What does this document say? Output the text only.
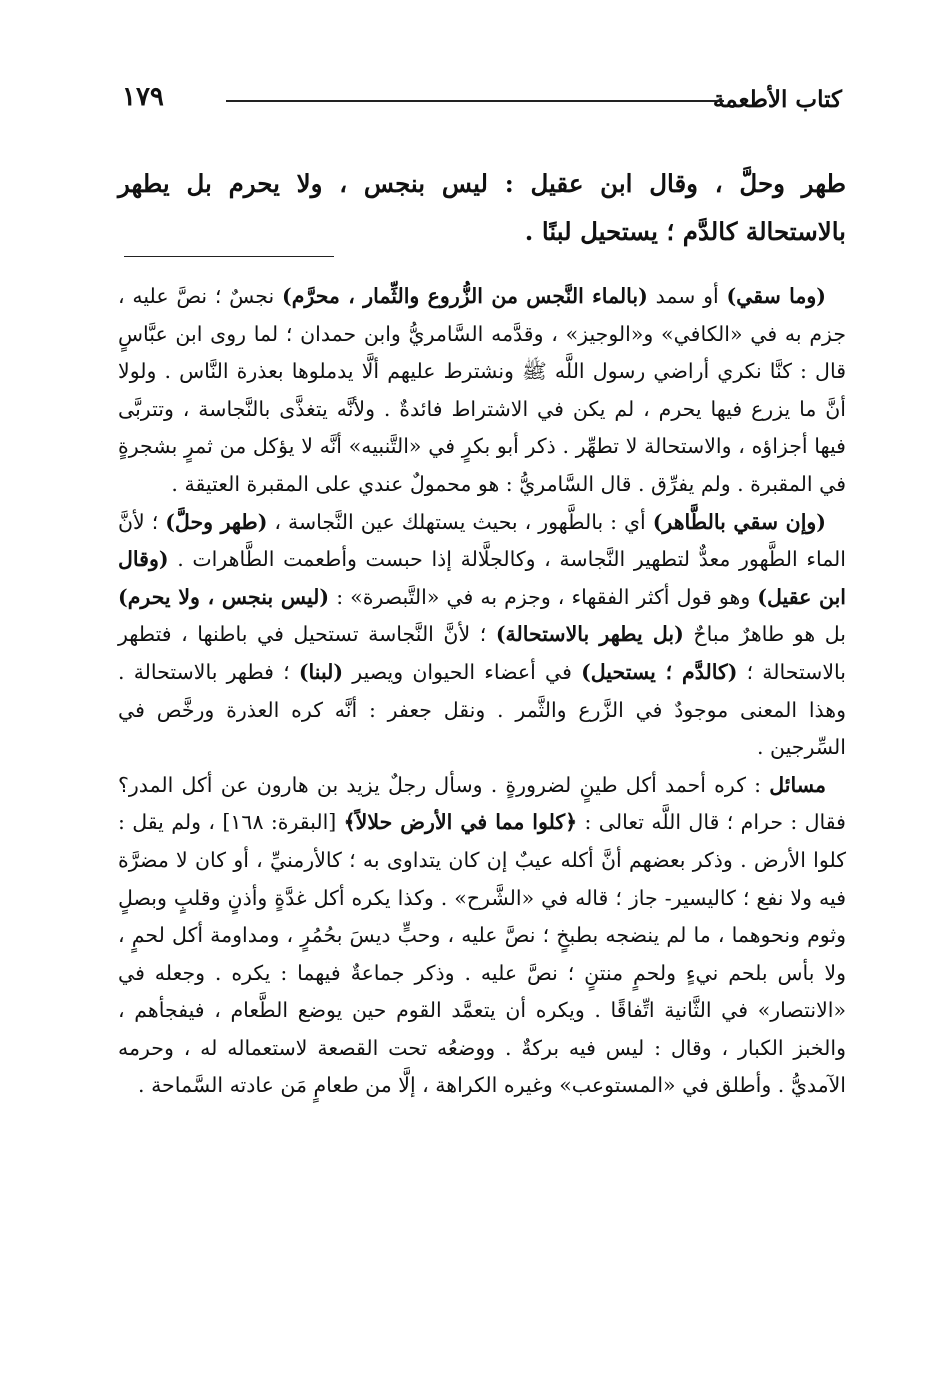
كتاب الأطعمة
١٧٩
طهر وحلَّ ، وقال ابن عقيل : ليس بنجس ، ولا يحرم بل يطهر بالاستحالة كالدَّم ؛ يستحيل لبنًا .

(وما سقي) أو سمد (بالماء النَّجس من الزُّروع والثِّمار ، محرَّم) نجسٌ ؛ نصَّ عليه ، جزم به في «الكافي» و«الوجيز» ، وقدَّمه السَّامريُّ وابن حمدان ؛ لما روى ابن عبَّاسٍ قال : كنَّا نكري أراضي رسول اللَّه ﷺ ونشترط عليهم ألَّا يدملوها بعذرة النَّاس . ولولا أنَّ ما يزرع فيها يحرم ، لم يكن في الاشتراط فائدةٌ . ولأنَّه يتغذَّى بالنَّجاسة ، وتتربَّى فيها أجزاؤه ، والاستحالة لا تطهِّر . ذكر أبو بكرٍ في «التَّنبيه» أنَّه لا يؤكل من ثمرٍ بشجرةٍ في المقبرة . ولم يفرِّق . قال السَّامريُّ : هو محمولٌ عندي على المقبرة العتيقة .

(وإن سقي بالطَّاهر) أي : بالطَّهور ، بحيث يستهلك عين النَّجاسة ، (طهر وحلَّ) ؛ لأنَّ الماء الطَّهور معدٌّ لتطهير النَّجاسة ، وكالجلَّالة إذا حبست وأطعمت الطَّاهرات . (وقال ابن عقيل) وهو قول أكثر الفقهاء ، وجزم به في «التَّبصرة» : (ليس بنجس ، ولا يحرم) بل هو طاهرٌ مباحٌ (بل يطهر بالاستحالة) ؛ لأنَّ النَّجاسة تستحيل في باطنها ، فتطهر بالاستحالة ؛ (كالدَّم ؛ يستحيل) في أعضاء الحيوان ويصير (لبنا) ؛ فطهر بالاستحالة . وهذا المعنى موجودٌ في الزَّرع والثَّمر . ونقل جعفر : أنَّه كره العذرة ورخَّص في السِّرجين .

مسائل : كره أحمد أكل طينٍ لضرورةٍ . وسأل رجلٌ يزيد بن هارون عن أكل المدر؟ فقال : حرام ؛ قال اللَّه تعالى : ﴿كلوا مما في الأرض حلالاً﴾ [البقرة: ١٦٨] ، ولم يقل : كلوا الأرض . وذكر بعضهم أنَّ أكله عيبٌ إن كان يتداوى به ؛ كالأرمنيِّ ، أو كان لا مضرَّة فيه ولا نفع ؛ كاليسير- جاز ؛ قاله في «الشَّرح» . وكذا يكره أكل غدَّةٍ وأذنٍ وقلبٍ وبصلٍ وثوم ونحوهما ، ما لم ينضجه بطبخٍ ؛ نصَّ عليه ، وحبٍّ ديسَ بحُمُرٍ ، ومداومة أكل لحمٍ ، ولا بأس بلحم نيءٍ ولحمٍ منتنٍ ؛ نصَّ عليه . وذكر جماعةٌ فيهما : يكره . وجعله في «الانتصار» في الثَّانية اتِّفاقًا . ويكره أن يتعمَّد القوم حين يوضع الطَّعام ، فيفجأهم ، والخبز الكبار ، وقال : ليس فيه بركةٌ . ووضعُه تحت القصعة لاستعماله له ، وحرمه الآمديُّ . وأطلق في «المستوعب» وغيره الكراهة ، إلَّا من طعامٍ مَن عادته السَّماحة .
